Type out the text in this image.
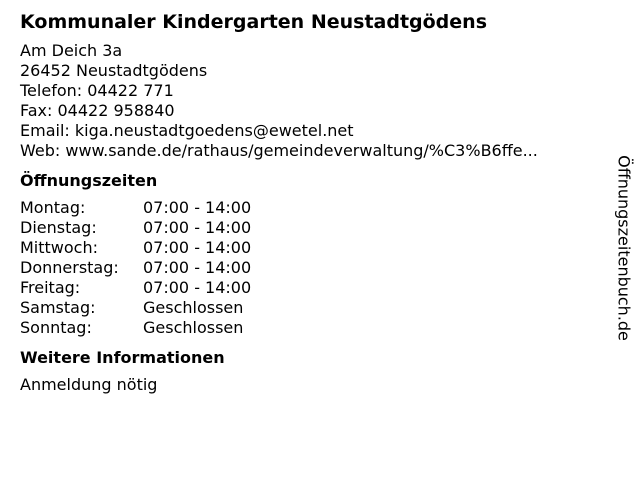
Kommunaler Kindergarten Neustadtgödens
Am Deich 3a
26452 Neustadtgödens
Telefon: 04422 771
Fax: 04422 958840
Email: kiga.neustadtgoedens@ewetel.net
Web: www.sande.de/rathaus/gemeindeverwaltung/%C3%B6ffe...
Öffnungszeiten
Montag:	07:00 - 14:00
Dienstag:	07:00 - 14:00
Mittwoch:	07:00 - 14:00
Donnerstag:	07:00 - 14:00
Freitag:	07:00 - 14:00
Samstag:	Geschlossen
Sonntag:	Geschlossen
Weitere Informationen
Anmeldung nötig
Öffnungszeitenbuch.de
